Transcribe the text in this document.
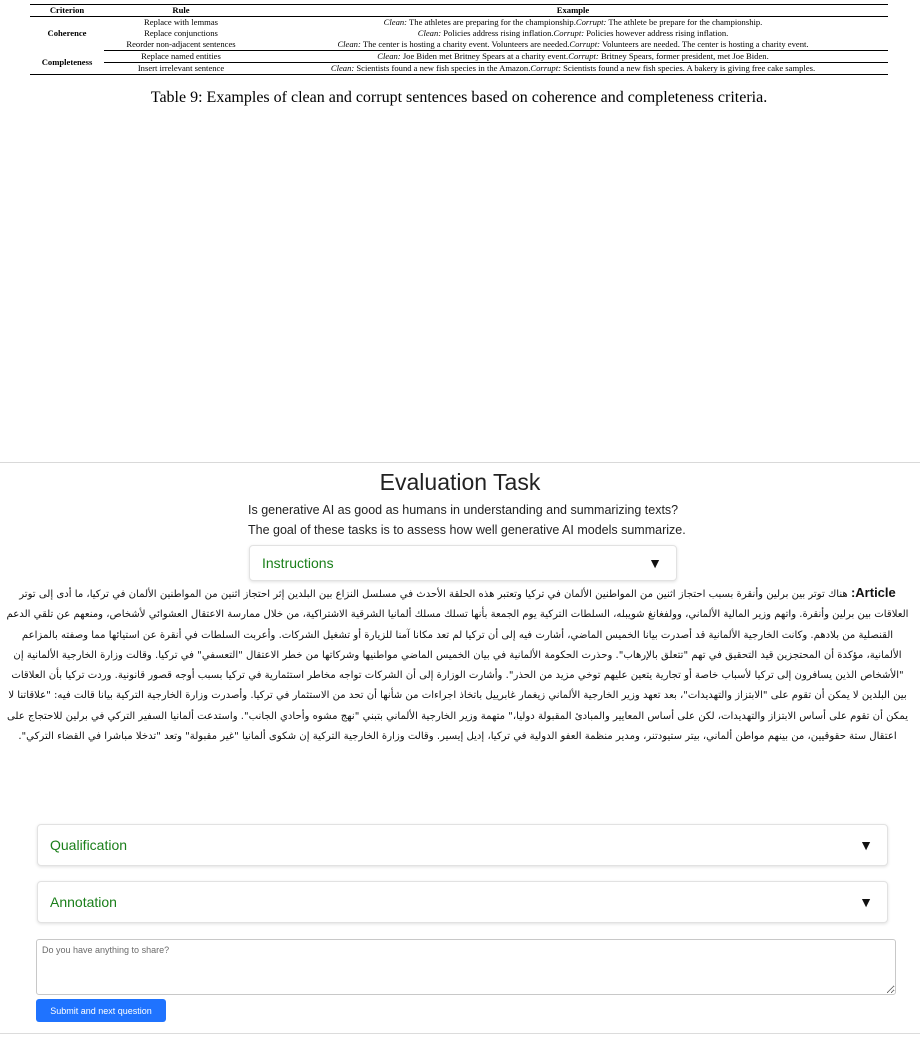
Criterion	Rule	Example
Coherence	Replace with lemmas	Clean: The athletes are preparing for the championship.Corrupt: The athlete be prepare for the championship.
	Replace conjunctions	Clean: Policies address rising inflation.Corrupt: Policies however address rising inflation.
	Reorder non-adjacent sentences	Clean: The center is hosting a charity event. Volunteers are needed.Corrupt: Volunteers are needed. The center is hosting a charity event.
Completeness	Replace named entities	Clean: Joe Biden met Britney Spears at a charity event.Corrupt: Britney Spears, former president, met Joe Biden.
	Insert irrelevant sentence	Clean: Scientists found a new fish species in the Amazon.Corrupt: Scientists found a new fish species. A bakery is giving free cake samples.
Table 9: Examples of clean and corrupt sentences based on coherence and completeness criteria.
Evaluation Task
Is generative AI as good as humans in understanding and summarizing texts?
The goal of these tasks is to assess how well generative AI models summarize.
Instructions	▼
Article: هناك توتر بين برلين وأنقرة بسبب احتجاز اثنين من المواطنين الألمان في تركيا وتعتبر هذه الحلقة الأحدث في مسلسل النزاع بين البلدين إثر احتجاز اثنين من المواطنين الألمان في تركيا، ما أدى إلى توتر العلاقات بين برلين وأنقرة. واتهم وزير المالية الألماني، وولفغانغ شويبله، السلطات التركية يوم الجمعة بأنها تسلك مسلك ألمانيا الشرقية الاشتراكية، من خلال ممارسة الاعتقال العشوائي لأشخاص، ومنعهم عن تلقي الدعم القنصلية من بلادهم. وكانت الخارجية الألمانية قد أصدرت بيانا الخميس الماضي، أشارت فيه إلى أن تركيا لم تعد مكانا آمنا للزيارة أو تشغيل الشركات. وأعربت السلطات في أنقرة عن استيائها مما وصفته بالمزاعم الألمانية، مؤكدة أن المحتجزين قيد التحقيق في تهم "تتعلق بالإرهاب". وحذرت الحكومة الألمانية في بيان الخميس الماضي مواطنيها وشركاتها من خطر الاعتقال "التعسفي" في تركيا. وقالت وزارة الخارجية الألمانية إن "الأشخاص الذين يسافرون إلى تركيا لأسباب خاصة أو تجارية يتعين عليهم توخي مزيد من الحذر". وأشارت الوزارة إلى أن الشركات تواجه مخاطر استثمارية في تركيا بسبب أوجه قصور قانونية. وردت تركيا بأن العلاقات بين البلدين لا يمكن أن تقوم على "الابتزاز والتهديدات"، بعد تعهد وزير الخارجية الألماني زيغمار غابرييل باتخاذ اجراءات من شأنها أن تحد من الاستثمار في تركيا. وأصدرت وزارة الخارجية التركية بيانا قالت فيه: "علاقاتنا لا يمكن أن تقوم على أساس الابتزاز والتهديدات، لكن على أساس المعايير والمبادئ المقبولة دوليا،" متهمة وزير الخارجية الألماني بتبني "نهج مشوه وأحادي الجانب". واستدعت ألمانيا السفير التركي في برلين للاحتجاج على اعتقال ستة حقوقيين، من بينهم مواطن ألماني، بيتر ستيودتنر، ومدير منظمة العفو الدولية في تركيا، إديل إيسير. وقالت وزارة الخارجية التركية إن شكوى ألمانيا "غير مقبولة" وتعد "تدخلا مباشرا في القضاء التركي".
Qualification	▼
Annotation	▼
Do you have anything to share?
Submit and next question
